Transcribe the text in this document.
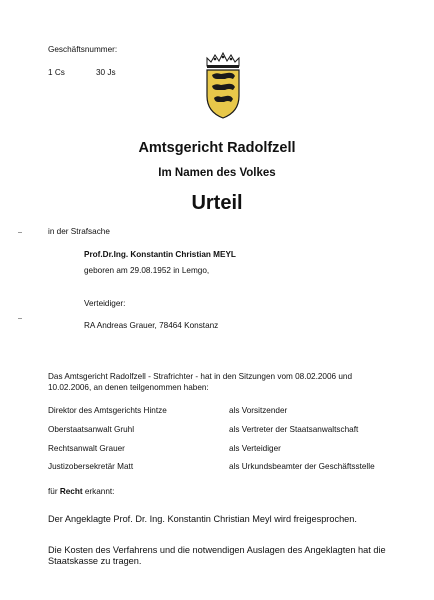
Geschäftsnummer:
1 Cs	30 Js
Amtsgericht Radolfzell
Im Namen des Volkes
Urteil
in der Strafsache
Prof.Dr.Ing. Konstantin Christian MEYL
geboren am 29.08.1952 in Lemgo,
Verteidiger:
RA Andreas Grauer, 78464 Konstanz
Das Amtsgericht Radolfzell - Strafrichter - hat in den Sitzungen vom 08.02.2006 und
10.02.2006, an denen teilgenommen haben:
Direktor des Amtsgerichts Hintze	als Vorsitzender
Oberstaatsanwalt Gruhl	als Vertreter der Staatsanwaltschaft
Rechtsanwalt Grauer	als Verteidiger
Justizobersekretär Matt	als Urkundsbeamter der Geschäftsstelle
für Recht erkannt:
Der Angeklagte Prof. Dr. Ing. Konstantin Christian Meyl wird freigesprochen.
Die Kosten des Verfahrens und die notwendigen Auslagen des Angeklagten hat die
Staatskasse zu tragen.
